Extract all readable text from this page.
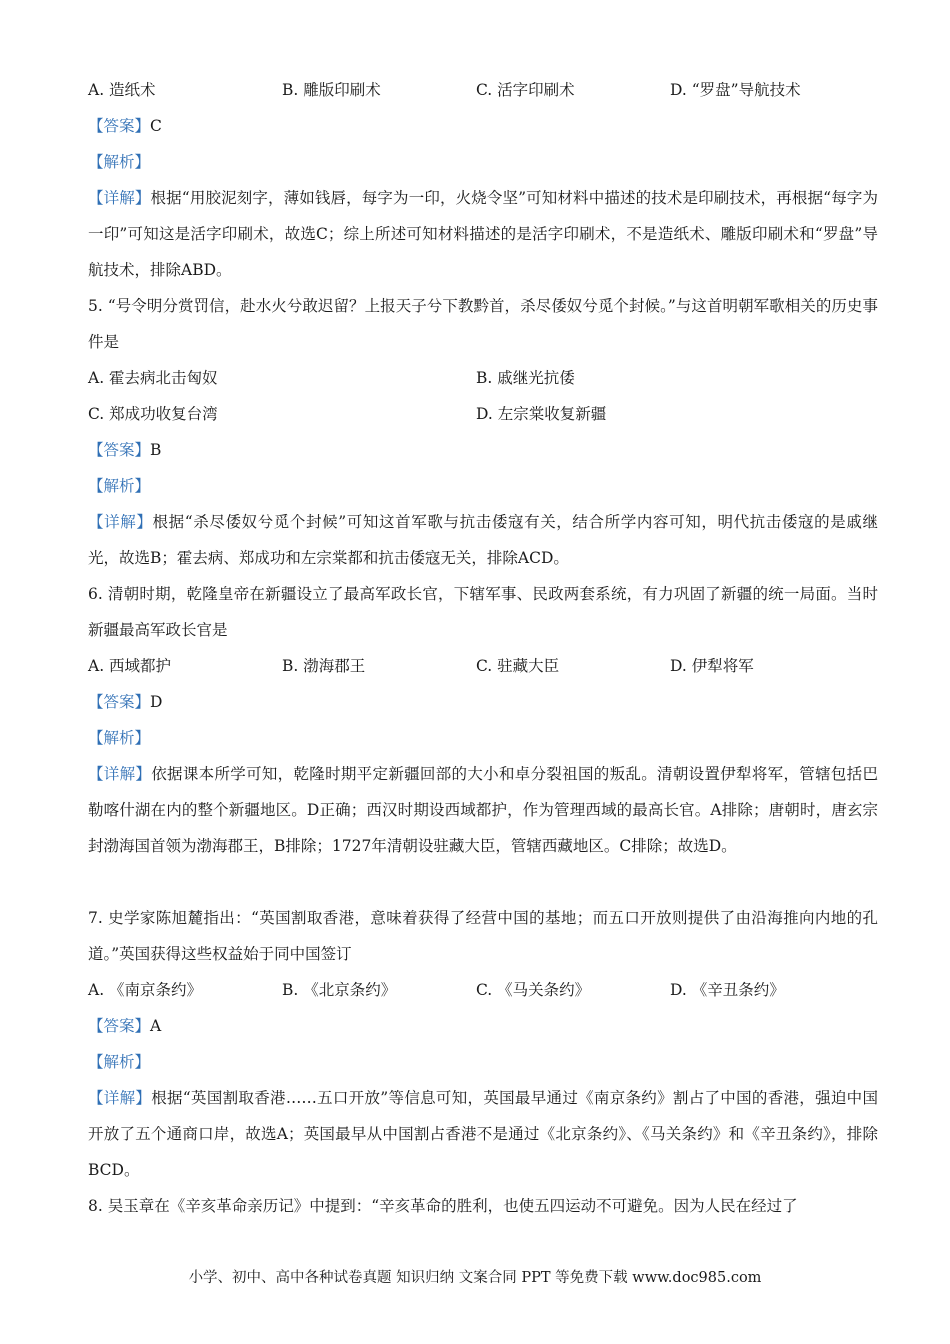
A. 造纸术	B. 雕版印刷术	C. 活字印刷术	D. “罗盘”导航技术
【答案】C
【解析】
【详解】根据“用胶泥刻字，薄如钱唇，每字为一印，火烧令坚”可知材料中描述的技术是印刷技术，再根据“每字为一印”可知这是活字印刷术，故选C；综上所述可知材料描述的是活字印刷术，不是造纸术、雕版印刷术和“罗盘”导航技术，排除ABD。
5. “号令明分赏罚信，赴水火兮敢迟留？上报天子兮下教黔首，杀尽倭奴兮觅个封候。”与这首明朝军歌相关的历史事件是
A. 霍去病北击匈奴	B. 戚继光抗倭
C. 郑成功收复台湾	D. 左宗棠收复新疆
【答案】B
【解析】
【详解】根据“杀尽倭奴兮觅个封候”可知这首军歌与抗击倭寇有关，结合所学内容可知，明代抗击倭寇的是戚继光，故选B；霍去病、郑成功和左宗棠都和抗击倭寇无关，排除ACD。
6. 清朝时期，乾隆皇帝在新疆设立了最高军政长官，下辖军事、民政两套系统，有力巩固了新疆的统一局面。当时新疆最高军政长官是
A. 西域都护	B. 渤海郡王	C. 驻藏大臣	D. 伊犁将军
【答案】D
【解析】
【详解】依据课本所学可知，乾隆时期平定新疆回部的大小和卓分裂祖国的叛乱。清朝设置伊犁将军，管辖包括巴勒喀什湖在内的整个新疆地区。D正确；西汉时期设西域都护，作为管理西域的最高长官。A排除；唐朝时，唐玄宗封渤海国首领为渤海郡王，B排除；1727年清朝设驻藏大臣，管辖西藏地区。C排除；故选D。
7. 史学家陈旭麓指出：“英国割取香港，意味着获得了经营中国的基地；而五口开放则提供了由沿海推向内地的孔道。”英国获得这些权益始于同中国签订
A. 《南京条约》	B. 《北京条约》	C. 《马关条约》	D. 《辛丑条约》
【答案】A
【解析】
【详解】根据“英国割取香港……五口开放”等信息可知，英国最早通过《南京条约》割占了中国的香港，强迫中国开放了五个通商口岸，故选A；英国最早从中国割占香港不是通过《北京条约》、《马关条约》和《辛丑条约》，排除BCD。
8. 吴玉章在《辛亥革命亲历记》中提到：“辛亥革命的胜利，也使五四运动不可避免。因为人民在经过了
小学、初中、高中各种试卷真题 知识归纳 文案合同 PPT 等免费下载 www.doc985.com
